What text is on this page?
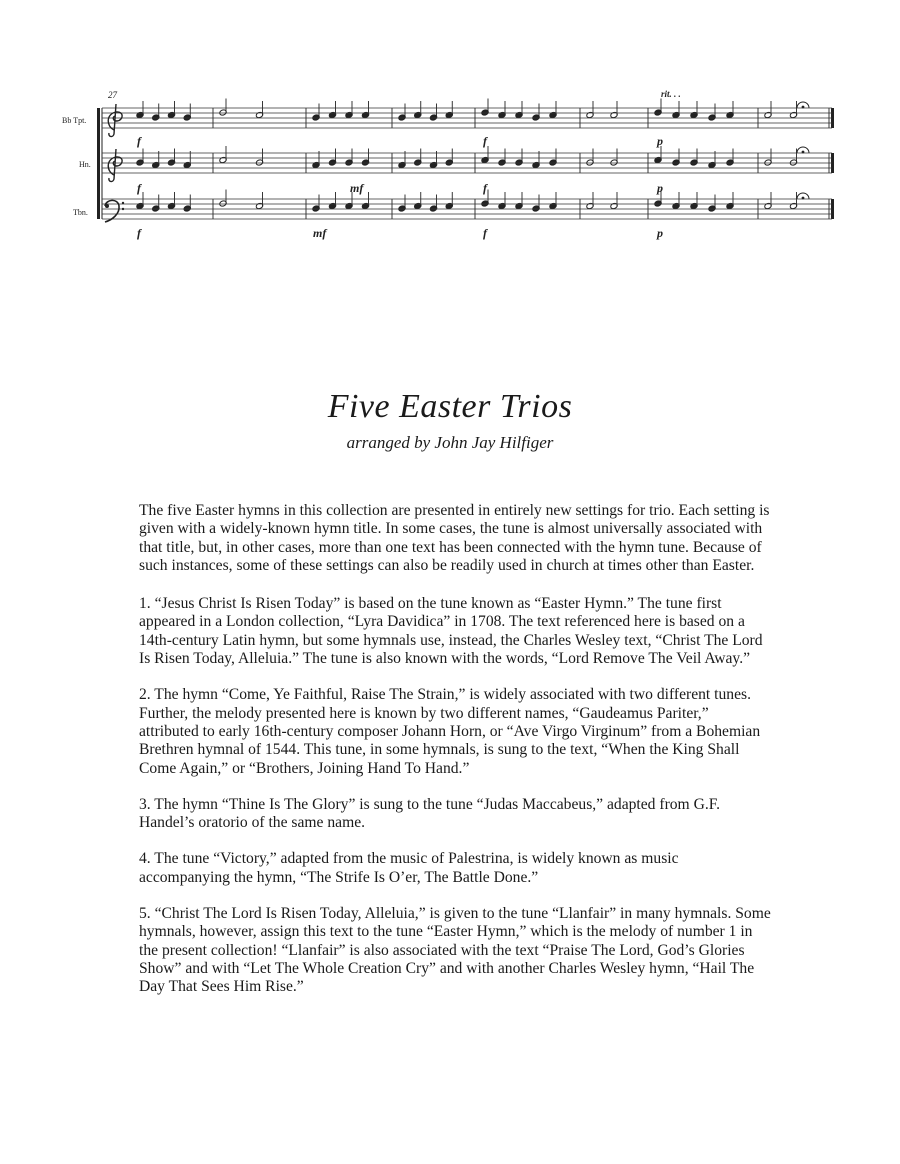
27
Bb Tpt.
Hn.
Tbn.
rit. . .
f
f
f
mf
mf
f
f
f
p
p
p
Five Easter Trios
arranged by John Jay Hilfiger

The five Easter hymns in this collection are presented in entirely new settings for trio. Each setting is given with a widely-known hymn title. In some cases, the tune is almost universally associated with that title, but, in other cases, more than one text has been connected with the hymn tune. Because of such instances, some of these settings can also be readily used in church at times other than Easter.

1. “Jesus Christ Is Risen Today” is based on the tune known as “Easter Hymn.” The tune first appeared in a London collection, “Lyra Davidica” in 1708. The text referenced here is based on a 14th-century Latin hymn, but some hymnals use, instead, the Charles Wesley text, “Christ The Lord Is Risen Today, Alleluia.” The tune is also known with the words, “Lord Remove The Veil Away.”

2. The hymn “Come, Ye Faithful, Raise The Strain,” is widely associated with two different tunes. Further, the melody presented here is known by two different names, “Gaudeamus Pariter,” attributed to early 16th-century composer Johann Horn, or “Ave Virgo Virginum” from a Bohemian Brethren hymnal of 1544. This tune, in some hymnals, is sung to the text, “When the King Shall Come Again,” or “Brothers, Joining Hand To Hand.”

3. The hymn “Thine Is The Glory” is sung to the tune “Judas Maccabeus,” adapted from G.F. Handel’s oratorio of the same name.

4. The tune “Victory,” adapted from the music of Palestrina, is widely known as music accompanying the hymn, “The Strife Is O’er, The Battle Done.”

5. “Christ The Lord Is Risen Today, Alleluia,” is given to the tune “Llanfair” in many hymnals. Some hymnals, however, assign this text to the tune “Easter Hymn,” which is the melody of number 1 in the present collection! “Llanfair” is also associated with the text “Praise The Lord, God’s Glories Show” and with “Let The Whole Creation Cry” and with another Charles Wesley hymn, “Hail The Day That Sees Him Rise.”
